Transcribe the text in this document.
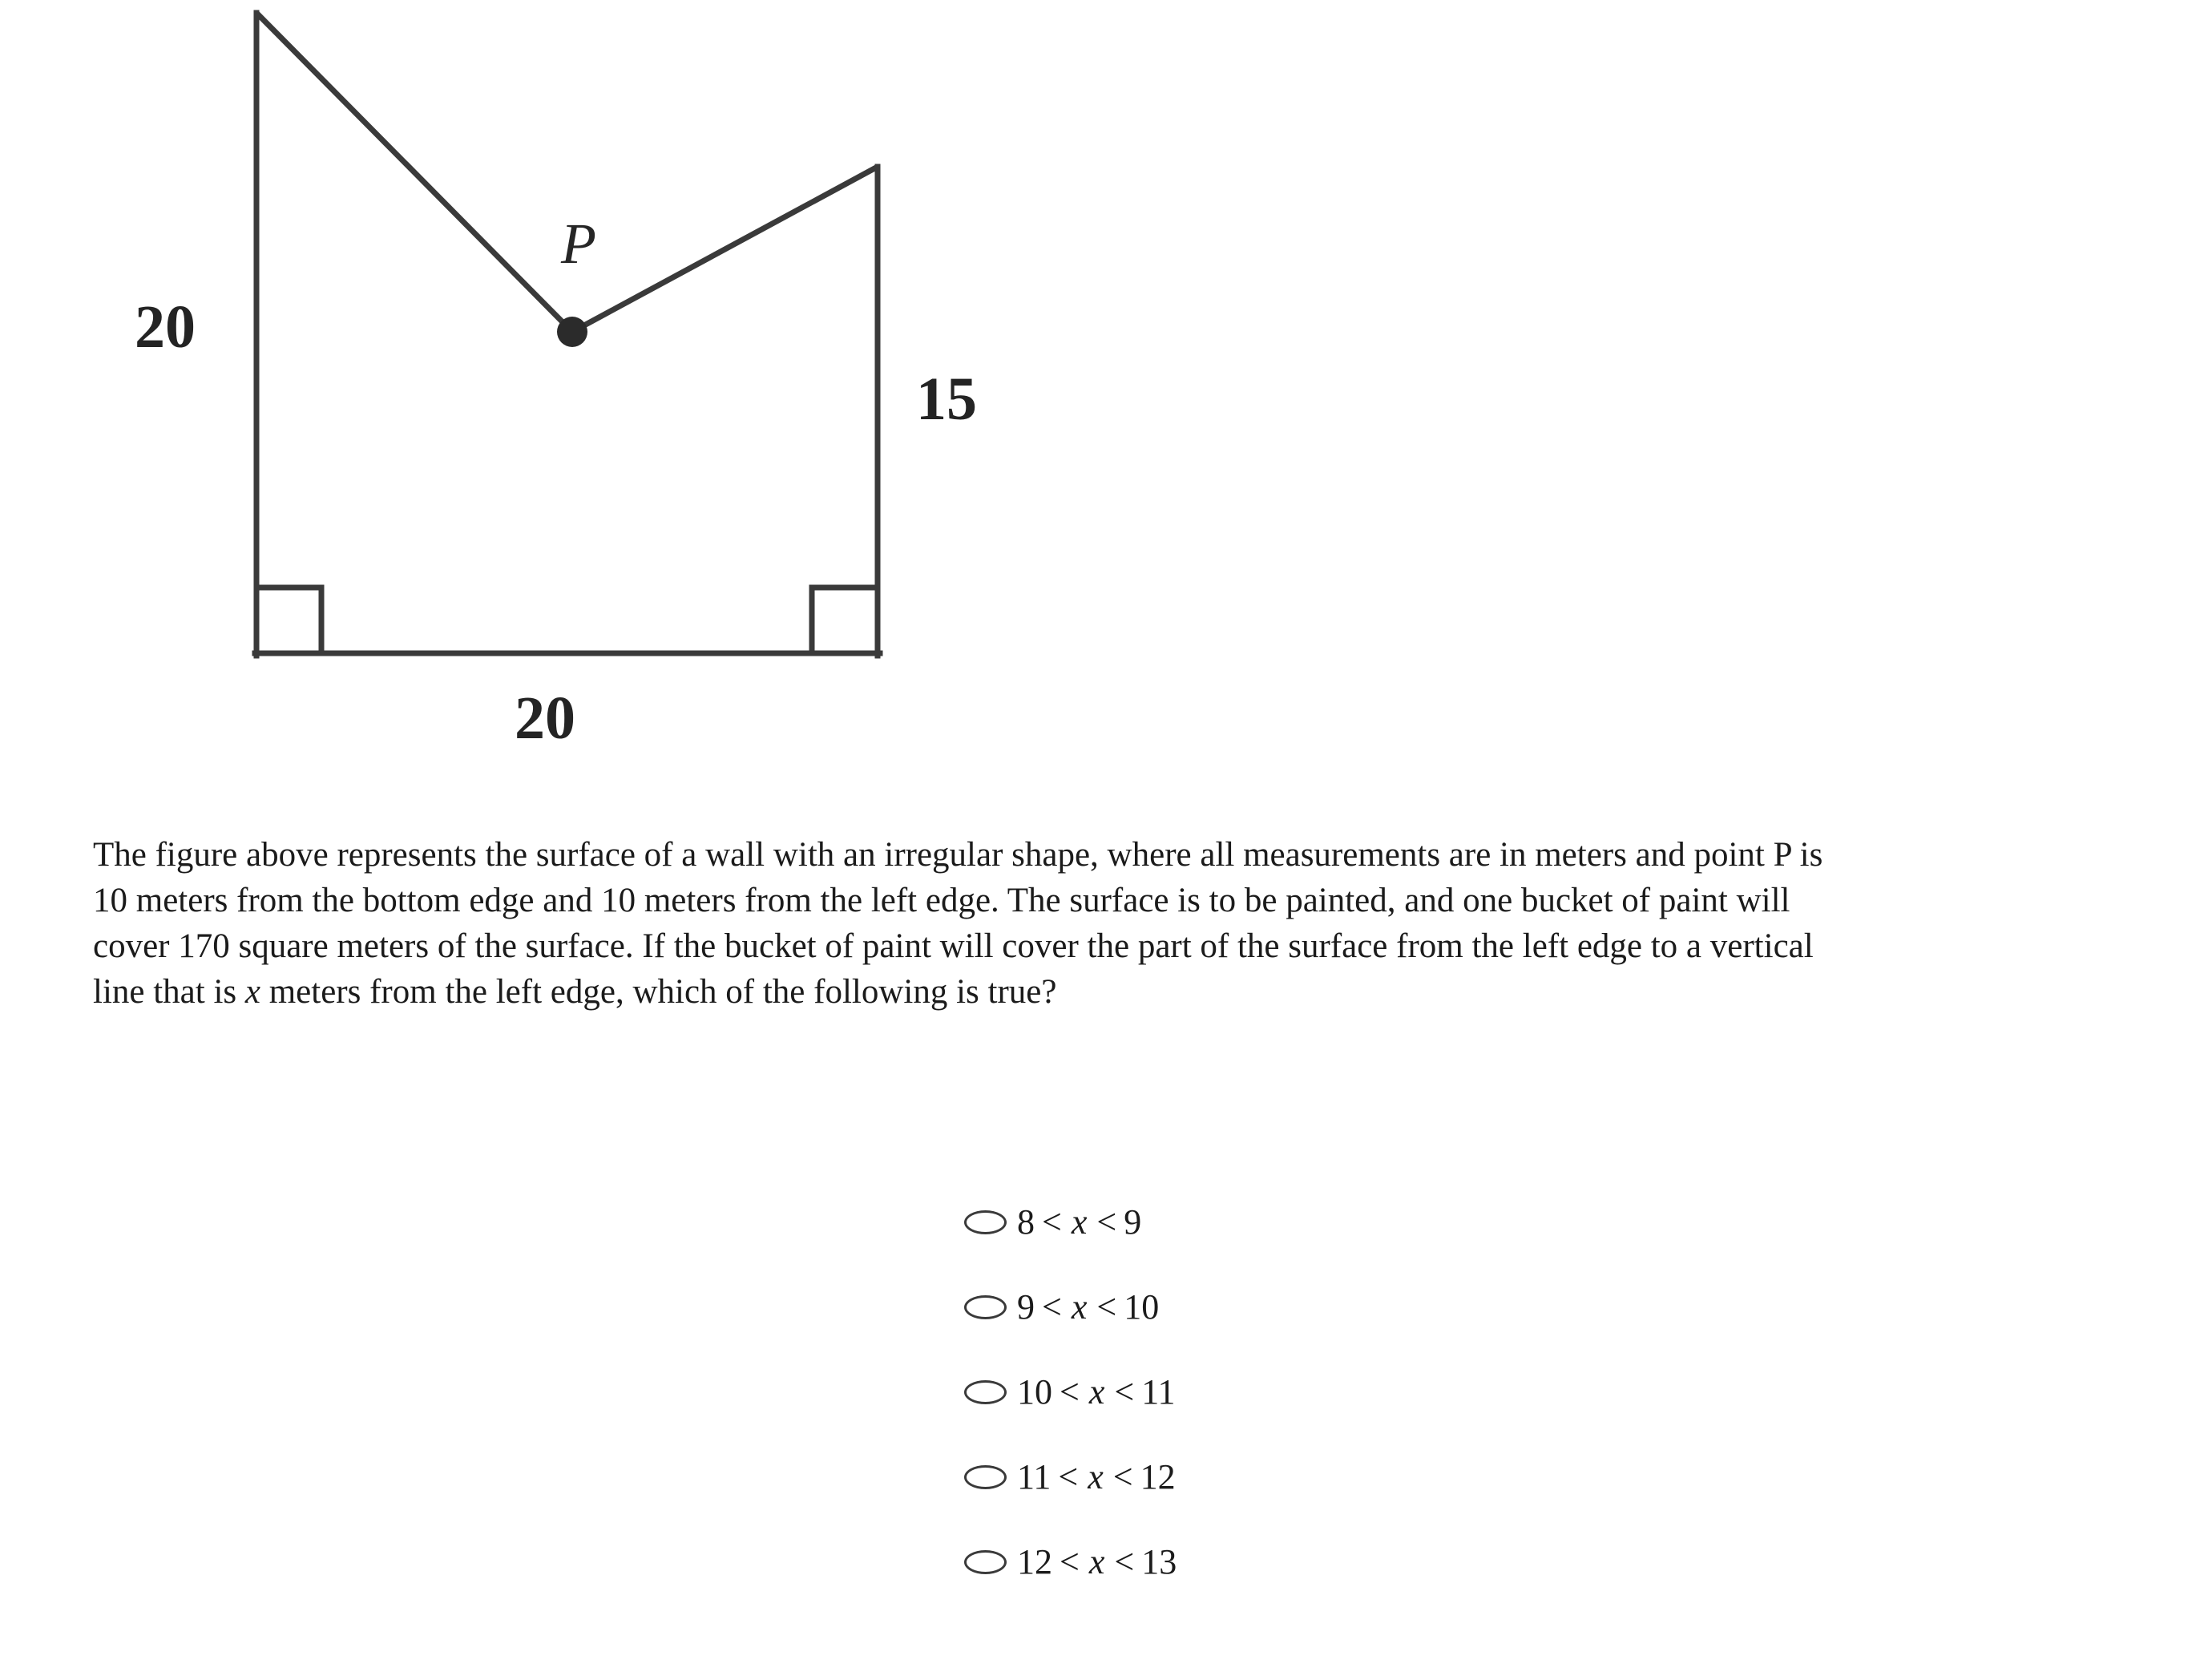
20
15
20
P

The figure above represents the surface of a wall with an irregular shape, where all measurements are in meters and point P is 10 meters from the bottom edge and 10 meters from the left edge. The surface is to be painted, and one bucket of paint will cover 170 square meters of the surface. If the bucket of paint will cover the part of the surface from the left edge to a vertical line that is x meters from the left edge, which of the following is true?

8 < x < 9
9 < x < 10
10 < x < 11
11 < x < 12
12 < x < 13
